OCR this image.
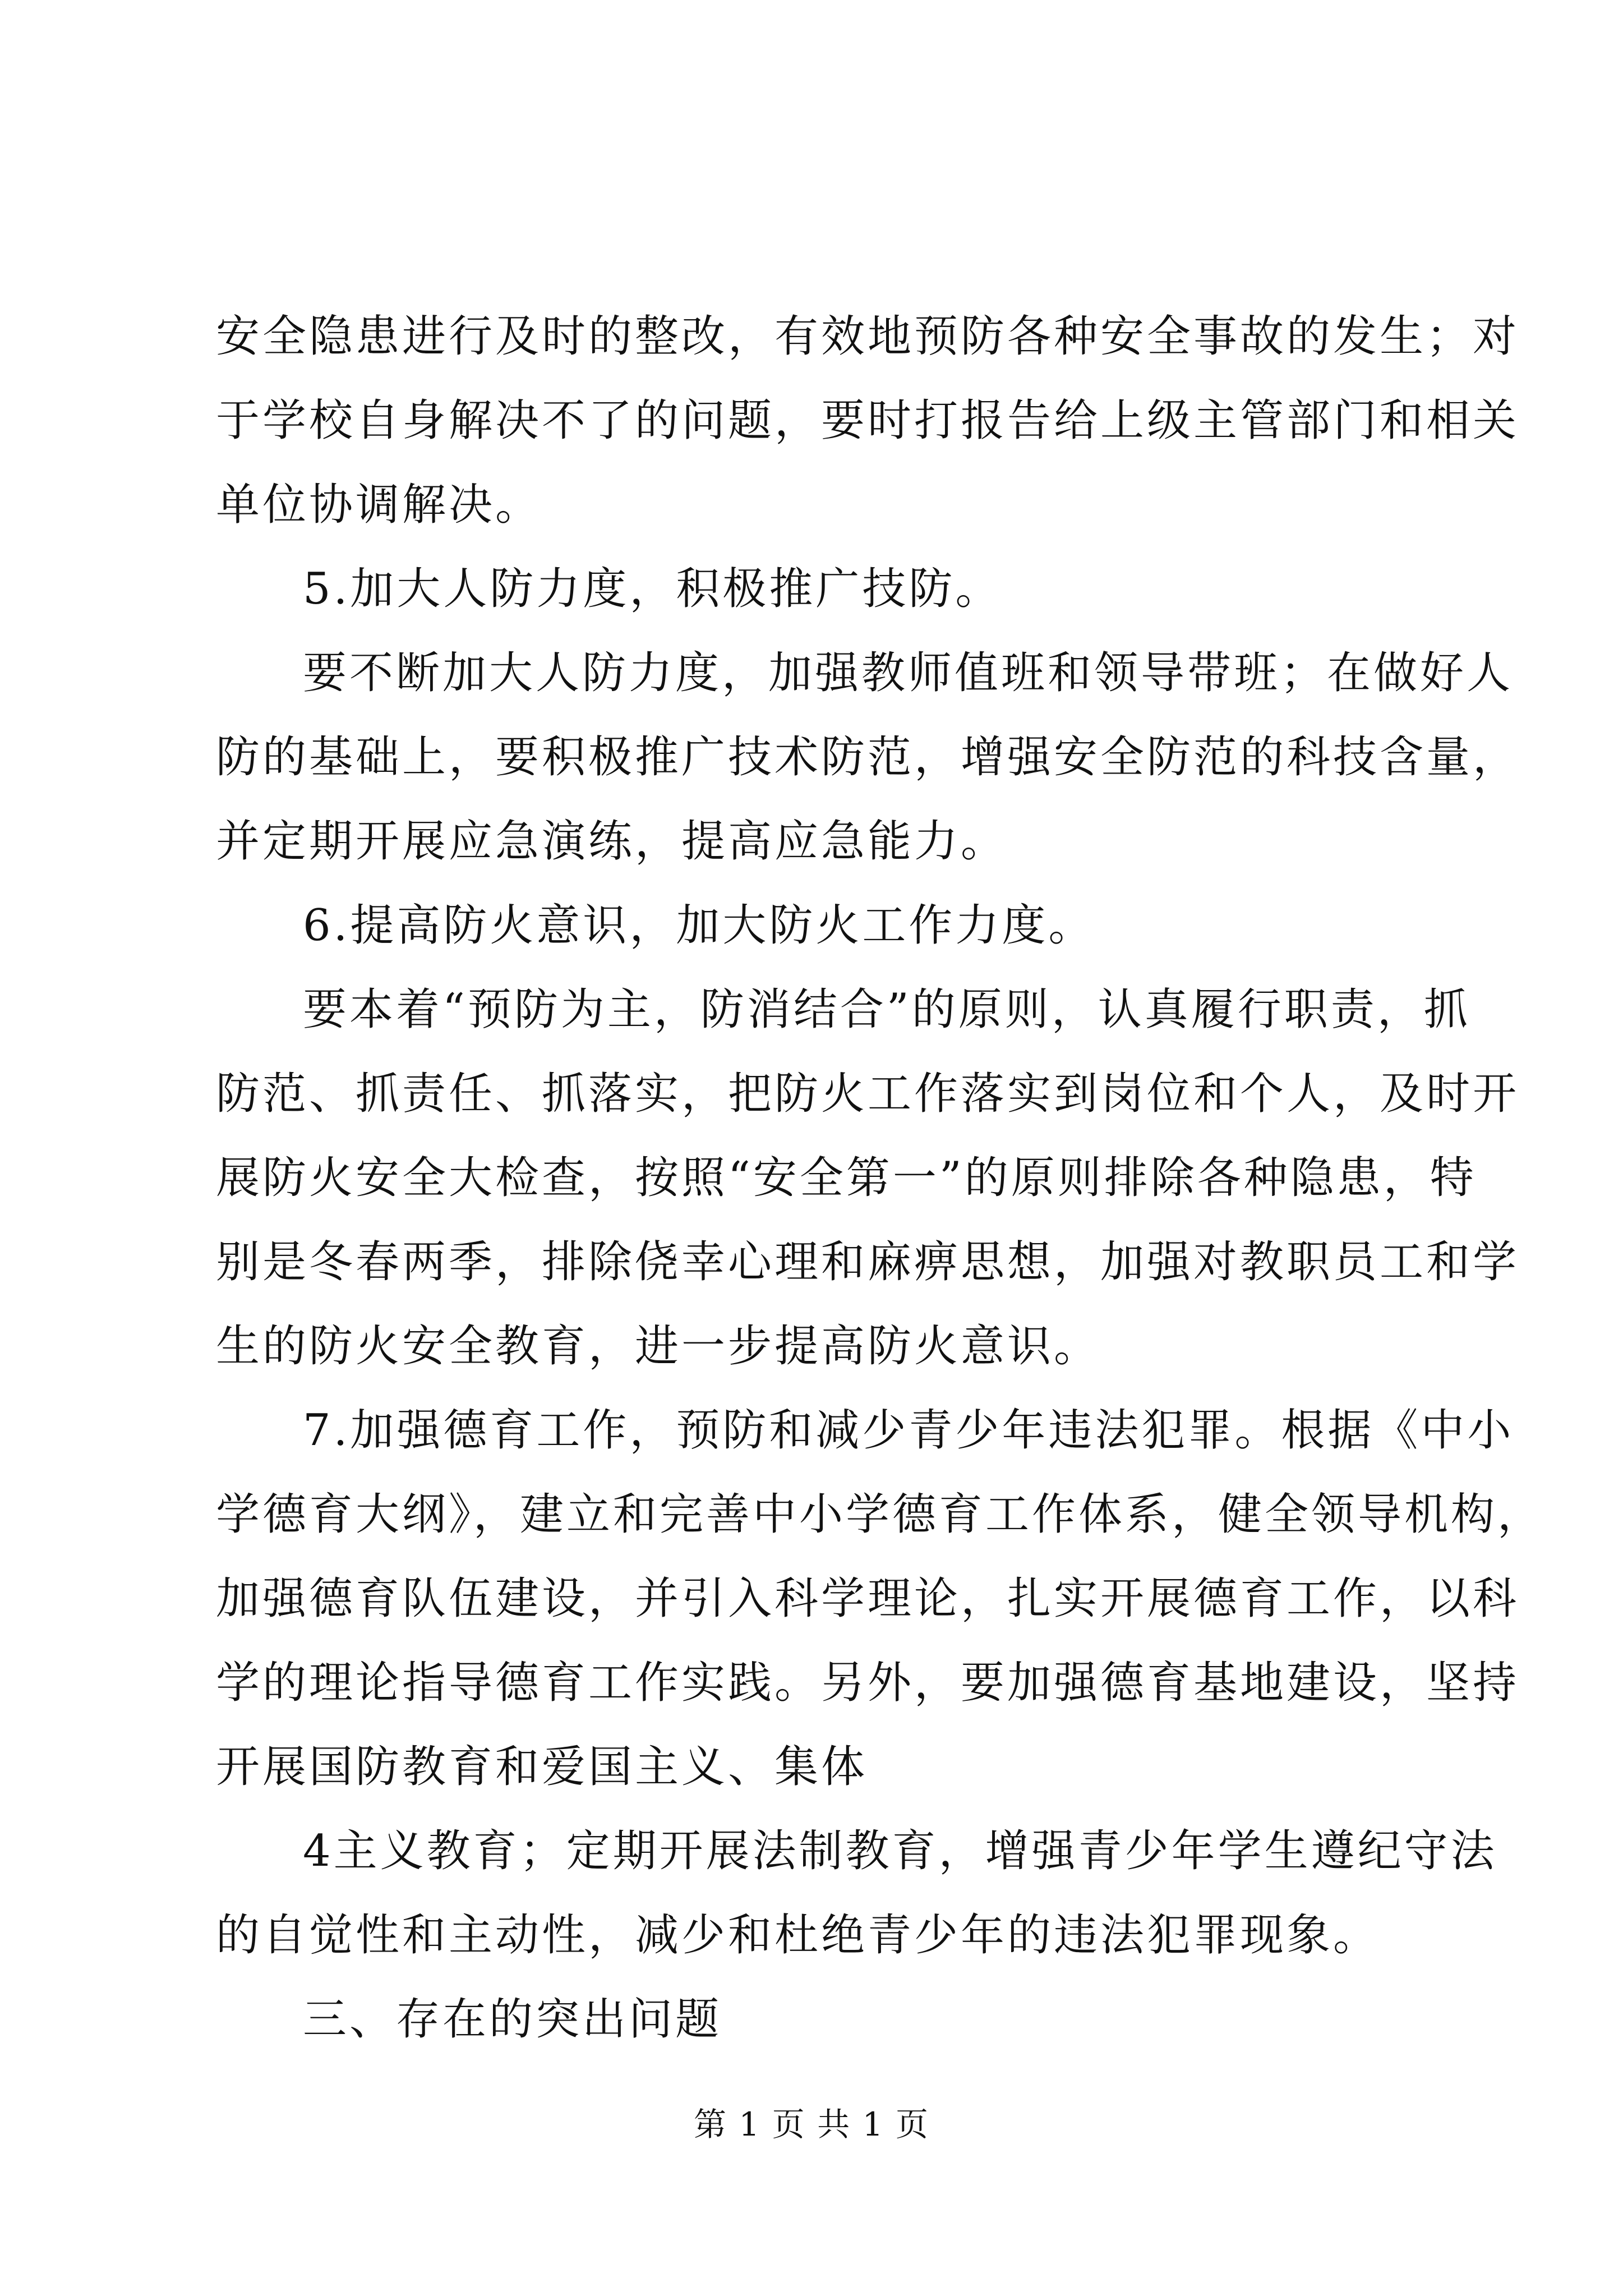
安全隐患进行及时的整改，有效地预防各种安全事故的发生；对
于学校自身解决不了的问题，要时打报告给上级主管部门和相关
单位协调解决。
5.加大人防力度，积极推广技防。
要不断加大人防力度，加强教师值班和领导带班；在做好人
防的基础上，要积极推广技术防范，增强安全防范的科技含量，
并定期开展应急演练，提高应急能力。
6.提高防火意识，加大防火工作力度。
要本着“预防为主，防消结合”的原则，认真履行职责，抓
防范、抓责任、抓落实，把防火工作落实到岗位和个人，及时开
展防火安全大检查，按照“安全第一”的原则排除各种隐患，特
别是冬春两季，排除侥幸心理和麻痹思想，加强对教职员工和学
生的防火安全教育，进一步提高防火意识。
7.加强德育工作，预防和减少青少年违法犯罪。根据《中小
学德育大纲》，建立和完善中小学德育工作体系，健全领导机构，
加强德育队伍建设，并引入科学理论，扎实开展德育工作，以科
学的理论指导德育工作实践。另外，要加强德育基地建设，坚持
开展国防教育和爱国主义、集体
4主义教育；定期开展法制教育，增强青少年学生遵纪守法
的自觉性和主动性，减少和杜绝青少年的违法犯罪现象。
三、存在的突出问题
第 1 页 共 1 页
